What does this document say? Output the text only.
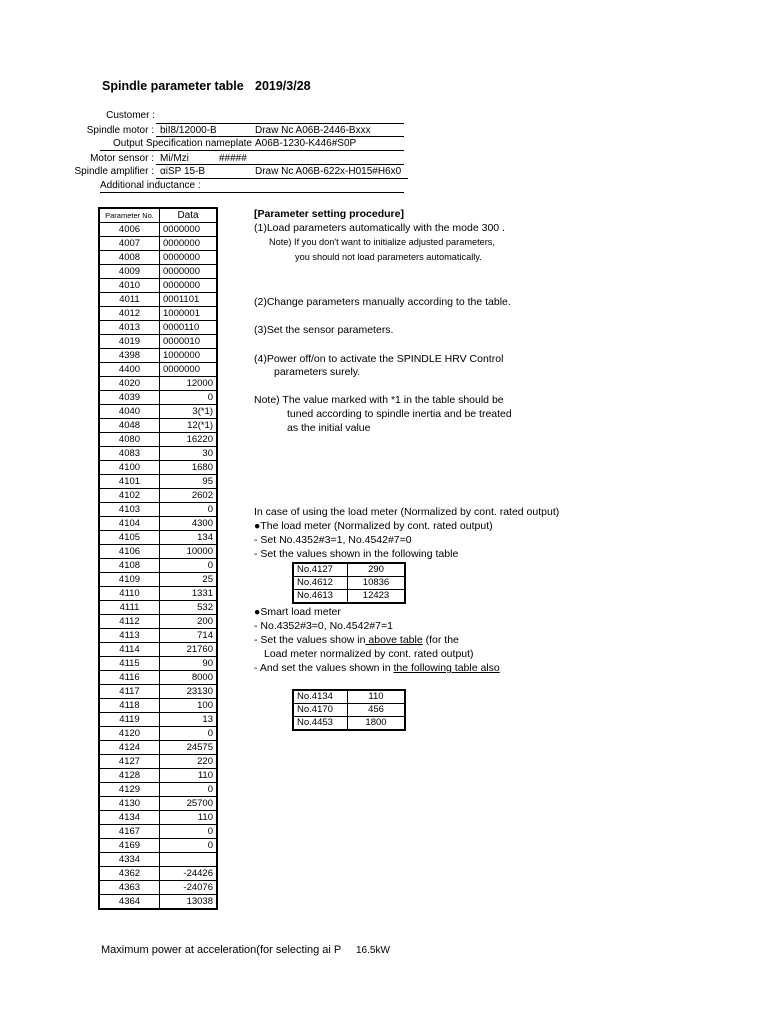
Spindle parameter table 2019/3/28
Customer :
Spindle motor : biI8/12000-B	Draw Nc A06B-2446-Bxxx
Output Specification nameplate A06B-1230-K446#S0P
Motor sensor : Mi/Mzi	#####
Spindle amplifier : αiSP 15-B	Draw Nc A06B-622x-H015#H6x0
Additional inductance :
Parameter No.	Data
4006	0000000
4007	0000000
4008	0000000
4009	0000000
4010	0000000
4011	0001101
4012	1000001
4013	0000110
4019	0000010
4398	1000000
4400	0000000
4020	12000
4039	0
4040	3(*1)
4048	12(*1)
4080	16220
4083	30
4100	1680
4101	95
4102	2602
4103	0
4104	4300
4105	134
4106	10000
4108	0
4109	25
4110	1331
4111	532
4112	200
4113	714
4114	21760
4115	90
4116	8000
4117	23130
4118	100
4119	13
4120	0
4124	24575
4127	220
4128	110
4129	0
4130	25700
4134	110
4167	0
4169	0
4334	
4362	-24426
4363	-24076
4364	13038
[Parameter setting procedure]
(1)Load parameters automatically with the mode 300 .
Note) If you don't want to initialize adjusted parameters,
you should not load parameters automatically.
(2)Change parameters manually according to the table.
(3)Set the sensor parameters.
(4)Power off/on to activate the SPINDLE HRV Control
parameters surely.
Note) The value marked with *1 in the table should be
tuned according to spindle inertia and be treated
as the initial value
In case of using the load meter (Normalized by cont. rated output)
●The load meter (Normalized by cont. rated output)
- Set No.4352#3=1, No.4542#7=0
- Set the values shown in the following table
No.4127	290
No.4612	10836
No.4613	12423
●Smart load meter
- No.4352#3=0, No.4542#7=1
- Set the values show in above table (for the
Load meter normalized by cont. rated output)
- And set the values shown in the following table also
No.4134	110
No.4170	456
No.4453	1800
Maximum power at acceleration(for selecting ai P 16.5kW
